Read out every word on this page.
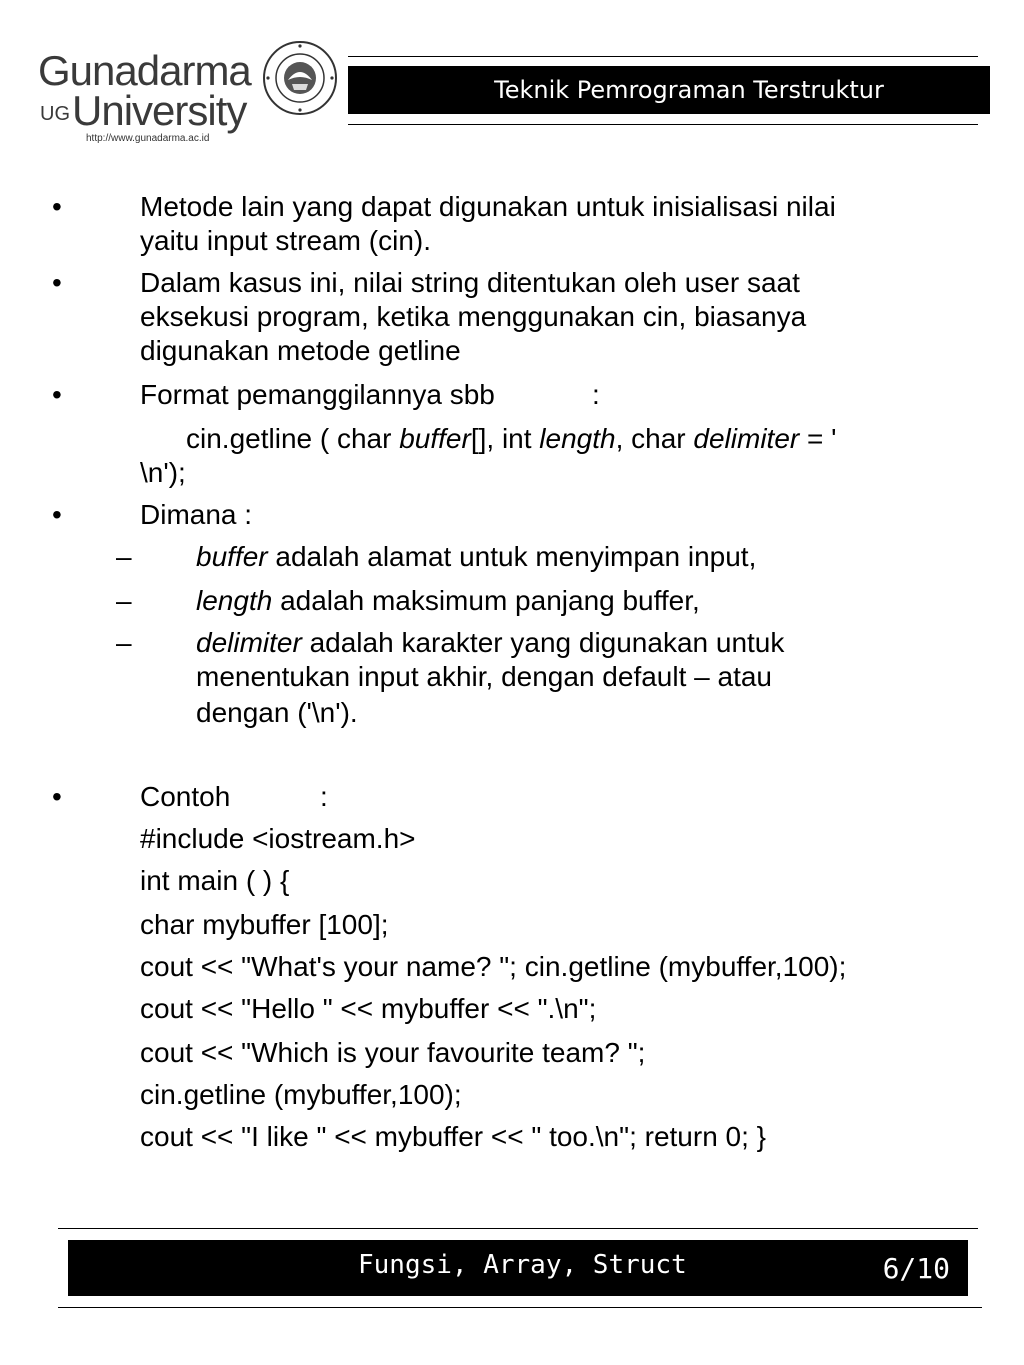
Gunadarma
UG University
http://www.gunadarma.ac.id
Teknik Pemrograman Terstruktur
•	Metode lain yang dapat digunakan untuk inisialisasi nilai
yaitu input stream (cin).
•	Dalam kasus ini, nilai string ditentukan oleh user saat
eksekusi program, ketika menggunakan cin, biasanya
digunakan metode getline
•	Format pemanggilannya sbb	:
cin.getline ( char buffer[], int length, char delimiter = '
\n');
•	Dimana :
– buffer adalah alamat untuk menyimpan input,
– length adalah maksimum panjang buffer,
– delimiter adalah karakter yang digunakan untuk
menentukan input akhir, dengan default – atau
dengan ('\n').
•	Contoh	:
#include <iostream.h>
int main ( ) {
char mybuffer [100];
cout << "What's your name? "; cin.getline (mybuffer,100);
cout << "Hello " << mybuffer << ".\n";
cout << "Which is your favourite team? ";
cin.getline (mybuffer,100);
cout << "I like " << mybuffer << " too.\n"; return 0; }
Fungsi, Array, Struct	6/10
